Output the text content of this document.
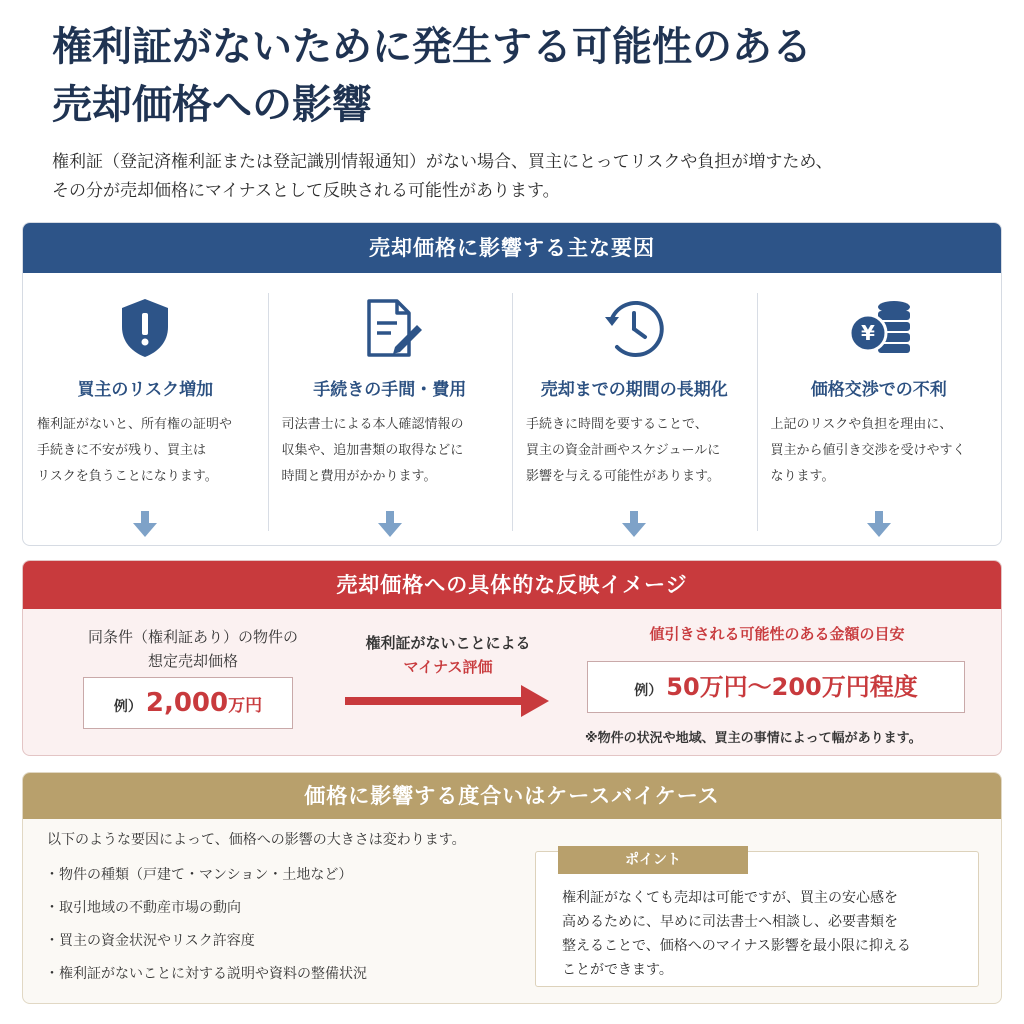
権利証がないために発生する可能性のある
売却価格への影響

権利証（登記済権利証または登記識別情報通知）がない場合、買主にとってリスクや負担が増すため、
その分が売却価格にマイナスとして反映される可能性があります。

売却価格に影響する主な要因
買主のリスク増加
権利証がないと、所有権の証明や
手続きに不安が残り、買主は
リスクを負うことになります。
手続きの手間・費用
司法書士による本人確認情報の
収集や、追加書類の取得などに
時間と費用がかかります。
売却までの期間の長期化
手続きに時間を要することで、
買主の資金計画やスケジュールに
影響を与える可能性があります。
¥
価格交渉での不利
上記のリスクや負担を理由に、
買主から値引き交渉を受けやすく
なります。
売却価格への具体的な反映イメージ
同条件（権利証あり）の物件の
想定売却価格
例） 2,000万円
権利証がないことによる
マイナス評価
値引きされる可能性のある金額の目安
例） 50万円〜200万円程度
※物件の状況や地域、買主の事情によって幅があります。
価格に影響する度合いはケースバイケース
以下のような要因によって、価格への影響の大きさは変わります。
・ 物件の種類（戸建て・マンション・土地など）
・ 取引地域の不動産市場の動向
・ 買主の資金状況やリスク許容度
・ 権利証がないことに対する説明や資料の整備状況
ポイント
権利証がなくても売却は可能ですが、買主の安心感を
高めるために、早めに司法書士へ相談し、必要書類を
整えることで、価格へのマイナス影響を最小限に抑える
ことができます。
